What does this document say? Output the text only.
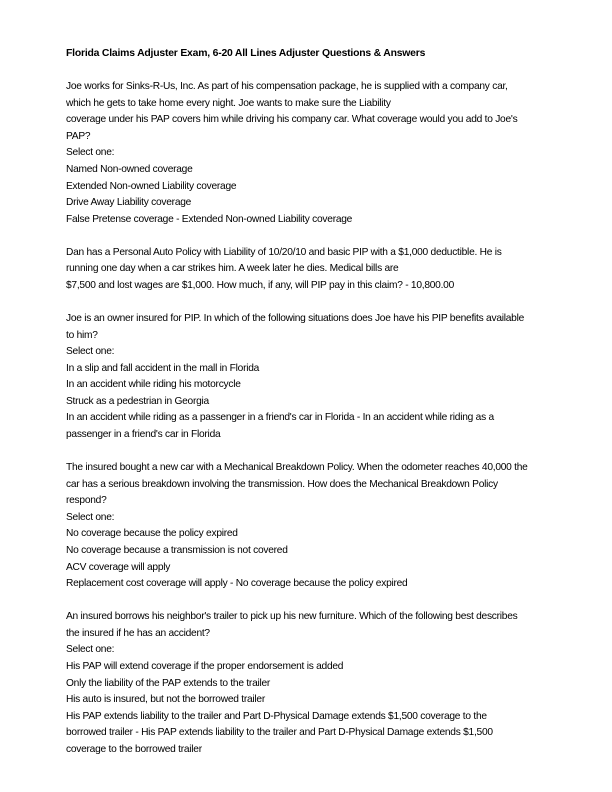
Florida Claims Adjuster Exam, 6-20 All Lines Adjuster Questions & Answers
Joe works for Sinks-R-Us, Inc. As part of his compensation package, he is supplied with a company car,
which he gets to take home every night. Joe wants to make sure the Liability
coverage under his PAP covers him while driving his company car. What coverage would you add to Joe's
PAP?
Select one:
Named Non-owned coverage
Extended Non-owned Liability coverage
Drive Away Liability coverage
False Pretense coverage - Extended Non-owned Liability coverage
Dan has a Personal Auto Policy with Liability of 10/20/10 and basic PIP with a $1,000 deductible. He is
running one day when a car strikes him. A week later he dies. Medical bills are
$7,500 and lost wages are $1,000. How much, if any, will PIP pay in this claim? - 10,800.00
Joe is an owner insured for PIP. In which of the following situations does Joe have his PIP benefits available
to him?
Select one:
In a slip and fall accident in the mall in Florida
In an accident while riding his motorcycle
Struck as a pedestrian in Georgia
In an accident while riding as a passenger in a friend's car in Florida - In an accident while riding as a
passenger in a friend's car in Florida
The insured bought a new car with a Mechanical Breakdown Policy. When the odometer reaches 40,000 the
car has a serious breakdown involving the transmission. How does the Mechanical Breakdown Policy
respond?
Select one:
No coverage because the policy expired
No coverage because a transmission is not covered
ACV coverage will apply
Replacement cost coverage will apply - No coverage because the policy expired
An insured borrows his neighbor's trailer to pick up his new furniture. Which of the following best describes
the insured if he has an accident?
Select one:
His PAP will extend coverage if the proper endorsement is added
Only the liability of the PAP extends to the trailer
His auto is insured, but not the borrowed trailer
His PAP extends liability to the trailer and Part D-Physical Damage extends $1,500 coverage to the
borrowed trailer - His PAP extends liability to the trailer and Part D-Physical Damage extends $1,500
coverage to the borrowed trailer
